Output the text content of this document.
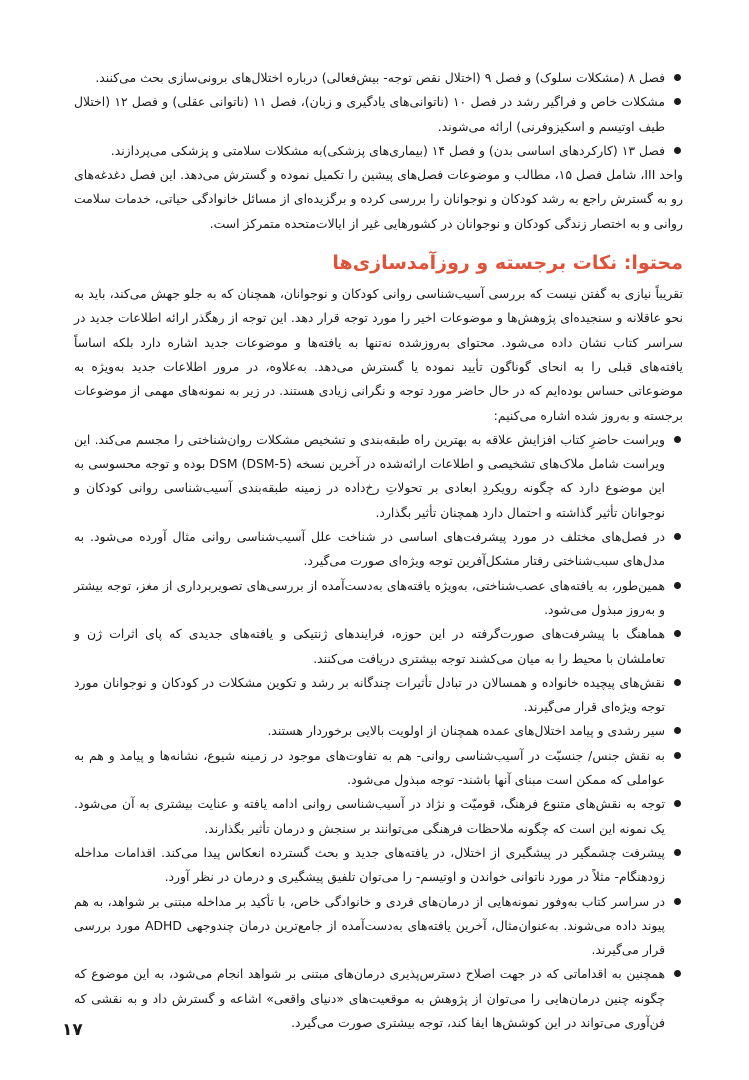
فصل ۸ (مشکلات سلوک) و فصل ۹ (اختلال نقص توجه- بیش‌فعالی) درباره اختلال‌های برونی‌سازی بحث می‌کنند.
مشکلات خاص و فراگیر رشد در فصل ۱۰ (ناتوانی‌های یادگیری و زبان)، فصل ۱۱ (ناتوانی عقلی) و فصل ۱۲ (اختلال طیف اوتیسم و اسکیزوفرنی) ارائه می‌شوند.
فصل ۱۳ (کارکردهای اساسی بدن) و فصل ۱۴ (بیماری‌های پزشکی)به مشکلات سلامتی و پزشکی می‌پردازند.

واحد III، شامل فصل ۱۵، مطالب و موضوعات فصل‌های پیشین را تکمیل نموده و گسترش می‌دهد. این فصل دغدغه‌های رو به گسترش راجع به رشد کودکان و نوجوانان را بررسی کرده و برگزیده‌ای از مسائل خانوادگی حیاتی، خدمات سلامت روانی و به اختصار زندگی کودکان و نوجوانان در کشورهایی غیر از ایالات‌متحده متمرکز است.

محتوا: نکات برجسته و روزآمدسازی‌ها

تقریباً نیازی به گفتن نیست که بررسی آسیب‌شناسی روانی کودکان و نوجوانان، همچنان که به جلو جهش می‌کند، باید به نحو عاقلانه و سنجیده‌ای پژوهش‌ها و موضوعات اخیر را مورد توجه قرار دهد. این توجه از رهگذر ارائه اطلاعات جدید در سراسر کتاب نشان داده می‌شود. محتوای به‌روزشده نه‌تنها به یافته‌ها و موضوعات جدید اشاره دارد بلکه اساساً یافته‌های قبلی را به انحای گوناگون تأیید نموده یا گسترش می‌دهد. به‌علاوه، در مرور اطلاعات جدید به‌ویژه به موضوعاتی حساس بوده‌ایم که در حال حاضر مورد توجه و نگرانی زیادی هستند. در زیر به نمونه‌های مهمی از موضوعات برجسته و به‌روز شده اشاره می‌کنیم:

ویراست حاضرِ کتاب افزایش علاقه به بهترین راه طبقه‌بندی و تشخیص مشکلات روان‌شناختی را مجسم می‌کند. این ویراست شامل ملاک‌های تشخیصی و اطلاعات ارائه‌شده در آخرین نسخه DSM (DSM-5) بوده و توجه محسوسی به این موضوع دارد که چگونه رویکردِ ابعادی بر تحولاتِ رخ‌داده در زمینه طبقه‌بندی آسیب‌شناسی روانی کودکان و نوجوانان تأثیر گذاشته و احتمال دارد همچنان تأثیر بگذارد.
در فصل‌های مختلف در مورد پیشرفت‌های اساسی در شناخت علل آسیب‌شناسی روانی مثال آورده می‌شود. به مدل‌های سبب‌شناختی رفتار مشکل‌آفرین توجه ویژه‌ای صورت می‌گیرد.
همین‌طور، به یافته‌های عصب‌شناختی، به‌ویژه یافته‌های به‌دست‌آمده از بررسی‌های تصویربرداری از مغز، توجه بیشتر و به‌روز مبذول می‌شود.
هماهنگ با پیشرفت‌های صورت‌گرفته در این حوزه، فرایندهای ژنتیکی و یافته‌های جدیدی که پای اثرات ژن و تعاملشان با محیط را به میان می‌کشند توجه بیشتری دریافت می‌کنند.
نقش‌های پیچیده خانواده و همسالان در تبادل تأثیرات چندگانه بر رشد و تکوین مشکلات در کودکان و نوجوانان مورد توجه ویژه‌ای قرار می‌گیرند.
سیر رشدی و پیامد اختلال‌های عمده همچنان از اولویت بالایی برخوردار هستند.
به نقش جنس/ جنسیّت در آسیب‌شناسی روانی- هم به تفاوت‌های موجود در زمینه شیوع، نشانه‌ها و پیامد و هم به عواملی که ممکن است مبنای آنها باشند- توجه مبذول می‌شود.
توجه به نقش‌های متنوع فرهنگ، قومیّت و نژاد در آسیب‌شناسی روانی ادامه یافته و عنایت بیشتری به آن می‌شود. یک نمونه این است که چگونه ملاحظات فرهنگی می‌توانند بر سنجش و درمان تأثیر بگذارند.
پیشرفت چشمگیر در پیشگیری از اختلال، در یافته‌های جدید و بحث گسترده انعکاس پیدا می‌کند. اقدامات مداخله زودهنگام- مثلاً در مورد ناتوانی خواندن و اوتیسم- را می‌توان تلفیق پیشگیری و درمان در نظر آورد.
در سراسر کتاب به‌وفور نمونه‌هایی از درمان‌های فردی و خانوادگی خاص، با تأکید بر مداخله مبتنی بر شواهد، به هم پیوند داده می‌شوند. به‌عنوان‌مثال، آخرین یافته‌های به‌دست‌آمده از جامع‌ترین درمان چندوجهی ADHD مورد بررسی قرار می‌گیرند.
همچنین به اقداماتی که در جهت اصلاح دسترس‌پذیری درمان‌های مبتنی بر شواهد انجام می‌شود، به این موضوع که چگونه چنین درمان‌هایی را می‌توان از پژوهش به موقعیت‌های «دنیای واقعی» اشاعه و گسترش داد و به نقشی که فن‌آوری می‌تواند در این کوشش‌ها ایفا کند، توجه بیشتری صورت می‌گیرد.
۱۷
